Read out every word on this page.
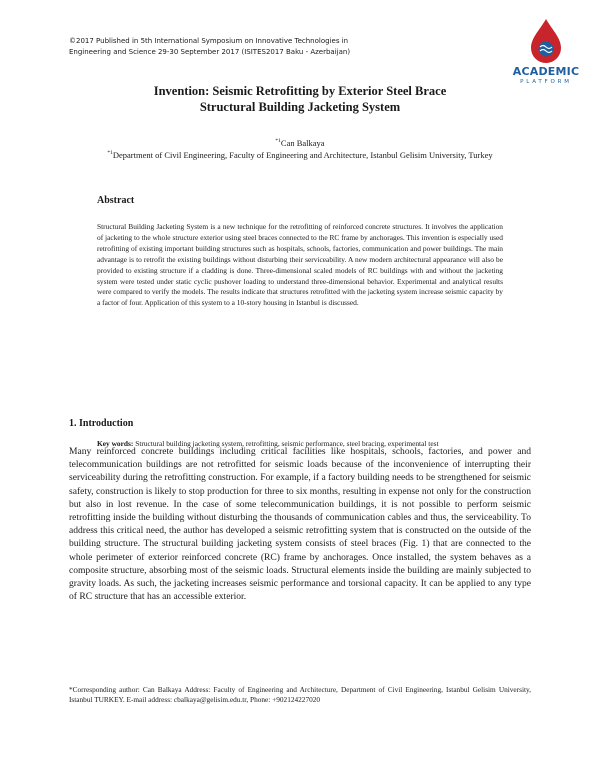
©2017 Published in 5th International Symposium on Innovative Technologies in
Engineering and Science 29-30 September 2017 (ISITES2017 Baku - Azerbaijan)
ACADEMIC
PLATFORM
Invention: Seismic Retrofitting by Exterior Steel Brace
Structural Building Jacketing System
$^{*1}$Can Balkaya
$^{*1}$Department of Civil Engineering, Faculty of Engineering and Architecture, Istanbul Gelisim University, Turkey
Abstract

Structural Building Jacketing System is a new technique for the retrofitting of reinforced concrete structures. It involves the application of jacketing to the whole structure exterior using steel braces connected to the RC frame by anchorages. This invention is especially used retrofitting of existing important building structures such as hospitals, schools, factories, communication and power buildings. The main advantage is to retrofit the existing buildings without disturbing their serviceability. A new modern architectural appearance will also be provided to existing structure if a cladding is done. Three-dimensional scaled models of RC buildings with and without the jacketing system were tested under static cyclic pushover loading to understand three-dimensional behavior. Experimental and analytical results were compared to verify the models. The results indicate that structures retrofitted with the jacketing system increase seismic capacity by a factor of four. Application of this system to a 10-story housing in Istanbul is discussed.

Key words: Structural building jacketing system, retrofitting, seismic performance, steel bracing, experimental test

1. Introduction

Many reinforced concrete buildings including critical facilities like hospitals, schools, factories, and power and telecommunication buildings are not retrofitted for seismic loads because of the inconvenience of interrupting their serviceability during the retrofitting construction. For example, if a factory building needs to be strengthened for seismic safety, construction is likely to stop production for three to six months, resulting in expense not only for the construction but also in lost revenue. In the case of some telecommunication buildings, it is not possible to perform seismic retrofitting inside the building without disturbing the thousands of communication cables and thus, the serviceability. To address this critical need, the author has developed a seismic retrofitting system that is constructed on the outside of the building structure. The structural building jacketing system consists of steel braces (Fig. 1) that are connected to the whole perimeter of exterior reinforced concrete (RC) frame by anchorages. Once installed, the system behaves as a composite structure, absorbing most of the seismic loads. Structural elements inside the building are mainly subjected to gravity loads. As such, the jacketing increases seismic performance and torsional capacity. It can be applied to any type of RC structure that has an accessible exterior.

*Corresponding author: Can Balkaya Address: Faculty of Engineering and Architecture, Department of Civil Engineering, Istanbul Gelisim University, Istanbul TURKEY. E-mail address: cbalkaya@gelisim.edu.tr, Phone: +902124227020
